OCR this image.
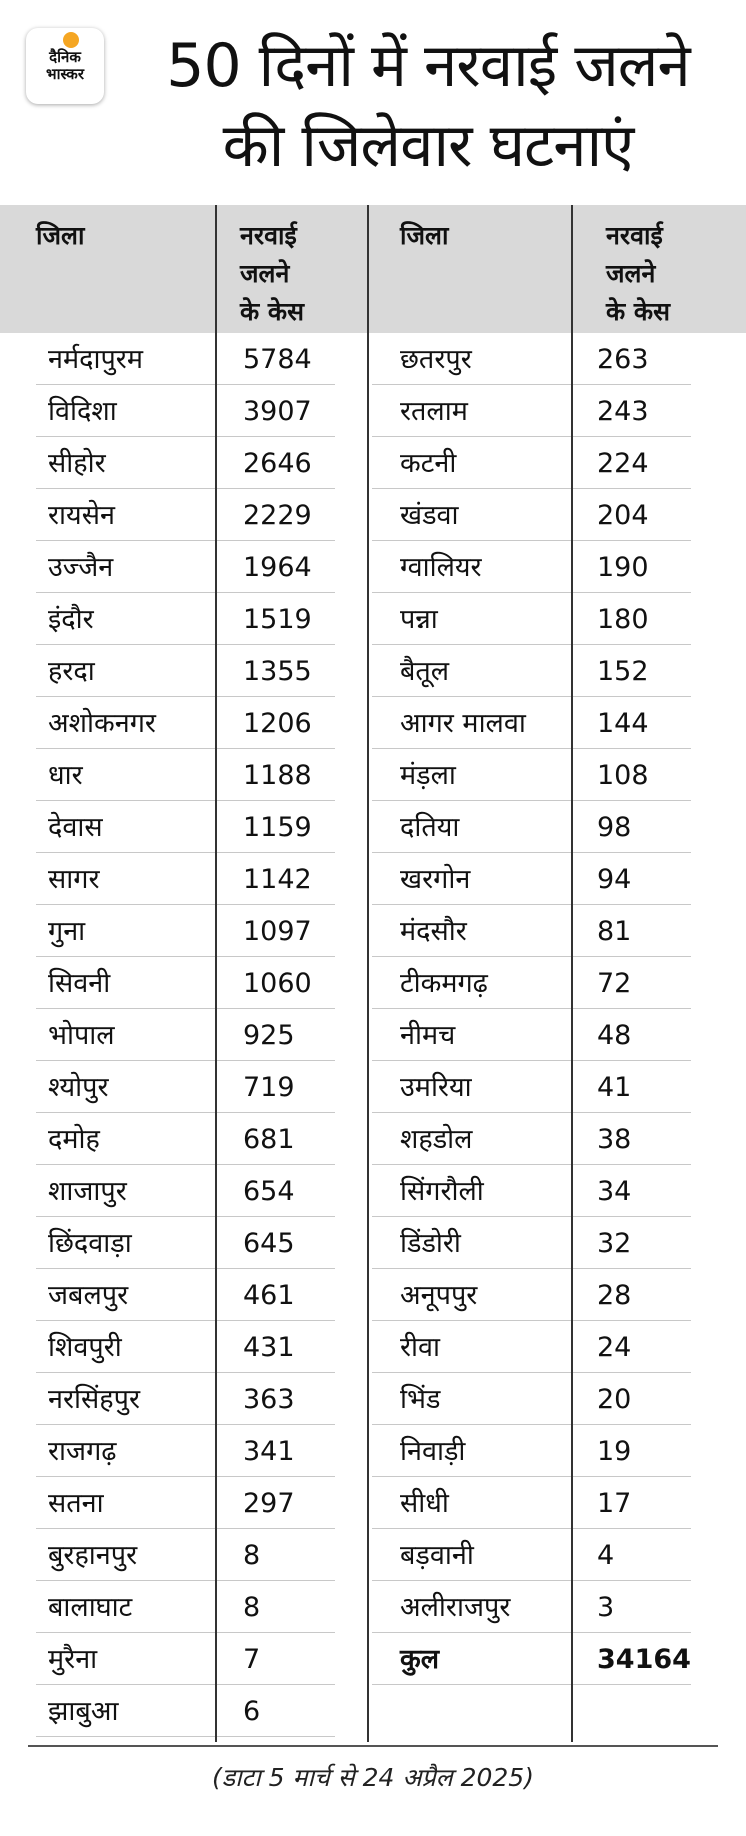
दैनिक
भास्कर	50 दिनों में नरवाई जलने
की जिलेवार घटनाएं
जिला	नरवाई
जलने
के केस
जिला	नरवाई
जलने
के केस
नर्मदापुरम	5784
विदिशा	3907
सीहोर	2646
रायसेन	2229
उज्जैन	1964
इंदौर	1519
हरदा	1355
अशोकनगर	1206
धार	1188
देवास	1159
सागर	1142
गुना	1097
सिवनी	1060
भोपाल	925
श्योपुर	719
दमोह	681
शाजापुर	654
छिंदवाड़ा	645
जबलपुर	461
शिवपुरी	431
नरसिंहपुर	363
राजगढ़	341
सतना	297
बुरहानपुर	8
बालाघाट	8
मुरैना	7
झाबुआ	6
छतरपुर	263
रतलाम	243
कटनी	224
खंडवा	204
ग्वालियर	190
पन्ना	180
बैतूल	152
आगर मालवा	144
मंड़ला	108
दतिया	98
खरगोन	94
मंदसौर	81
टीकमगढ़	72
नीमच	48
उमरिया	41
शहडोल	38
सिंगरौली	34
डिंडोरी	32
अनूपपुर	28
रीवा	24
भिंड	20
निवाड़ी	19
सीधी	17
बड़वानी	4
अलीराजपुर	3
कुल	34164
(डाटा 5 मार्च से 24 अप्रैल 2025)
